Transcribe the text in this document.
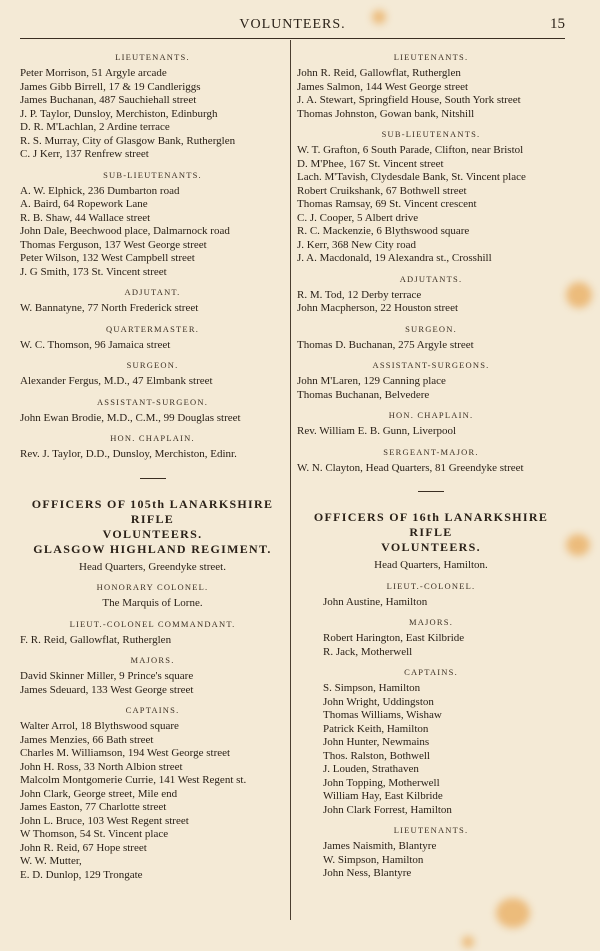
VOLUNTEERS.	15
LIEUTENANTS.
Peter Morrison, 51 Argyle arcade
James Gibb Birrell, 17 & 19 Candleriggs
James Buchanan, 487 Sauchiehall street
J. P. Taylor, Dunsloy, Merchiston, Edinburgh
D. R. M'Lachlan, 2 Ardine terrace
R. S. Murray, City of Glasgow Bank, Rutherglen
C. J Kerr, 137 Renfrew street
SUB-LIEUTENANTS.
A. W. Elphick, 236 Dumbarton road
A. Baird, 64 Ropework Lane
R. B. Shaw, 44 Wallace street
John Dale, Beechwood place, Dalmarnock road
Thomas Ferguson, 137 West George street
Peter Wilson, 132 West Campbell street
J. G Smith, 173 St. Vincent street
ADJUTANT.
W. Bannatyne, 77 North Frederick street
QUARTERMASTER.
W. C. Thomson, 96 Jamaica street
SURGEON.
Alexander Fergus, M.D., 47 Elmbank street
ASSISTANT-SURGEON.
John Ewan Brodie, M.D., C.M., 99 Douglas street
HON. CHAPLAIN.
Rev. J. Taylor, D.D., Dunsloy, Merchiston, Edinr.
OFFICERS OF 105th LANARKSHIRE RIFLE
VOLUNTEERS.
GLASGOW HIGHLAND REGIMENT.
Head Quarters, Greendyke street.
HONORARY COLONEL.
The Marquis of Lorne.
LIEUT.-COLONEL COMMANDANT.
F. R. Reid, Gallowflat, Rutherglen
MAJORS.
David Skinner Miller, 9 Prince's square
James Sdeuard, 133 West George street
CAPTAINS.
Walter Arrol, 18 Blythswood square
James Menzies, 66 Bath street
Charles M. Williamson, 194 West George street
John H. Ross, 33 North Albion street
Malcolm Montgomerie Currie, 141 West Regent st.
John Clark, George street, Mile end
James Easton, 77 Charlotte street
John L. Bruce, 103 West Regent street
W Thomson, 54 St. Vincent place
John R. Reid, 67 Hope street
W. W. Mutter,
E. D. Dunlop, 129 Trongate
LIEUTENANTS.
John R. Reid, Gallowflat, Rutherglen
James Salmon, 144 West George street
J. A. Stewart, Springfield House, South York street
Thomas Johnston, Gowan bank, Nitshill
SUB-LIEUTENANTS.
W. T. Grafton, 6 South Parade, Clifton, near Bristol
D. M'Phee, 167 St. Vincent street
Lach. M'Tavish, Clydesdale Bank, St. Vincent place
Robert Cruikshank, 67 Bothwell street
Thomas Ramsay, 69 St. Vincent crescent
C. J. Cooper, 5 Albert drive
R. C. Mackenzie, 6 Blythswood square
J. Kerr, 368 New City road
J. A. Macdonald, 19 Alexandra st., Crosshill
ADJUTANTS.
R. M. Tod, 12 Derby terrace
John Macpherson, 22 Houston street
SURGEON.
Thomas D. Buchanan, 275 Argyle street
ASSISTANT-SURGEONS.
John M'Laren, 129 Canning place
Thomas Buchanan, Belvedere
HON. CHAPLAIN.
Rev. William E. B. Gunn, Liverpool
SERGEANT-MAJOR.
W. N. Clayton, Head Quarters, 81 Greendyke street
OFFICERS OF 16th LANARKSHIRE RIFLE
VOLUNTEERS.
Head Quarters, Hamilton.
LIEUT.-COLONEL.
John Austine, Hamilton
MAJORS.
Robert Harington, East Kilbride
R. Jack, Motherwell
CAPTAINS.
S. Simpson, Hamilton
John Wright, Uddingston
Thomas Williams, Wishaw
Patrick Keith, Hamilton
John Hunter, Newmains
Thos. Ralston, Bothwell
J. Louden, Strathaven
John Topping, Motherwell
William Hay, East Kilbride
John Clark Forrest, Hamilton
LIEUTENANTS.
James Naismith, Blantyre
W. Simpson, Hamilton
John Ness, Blantyre
